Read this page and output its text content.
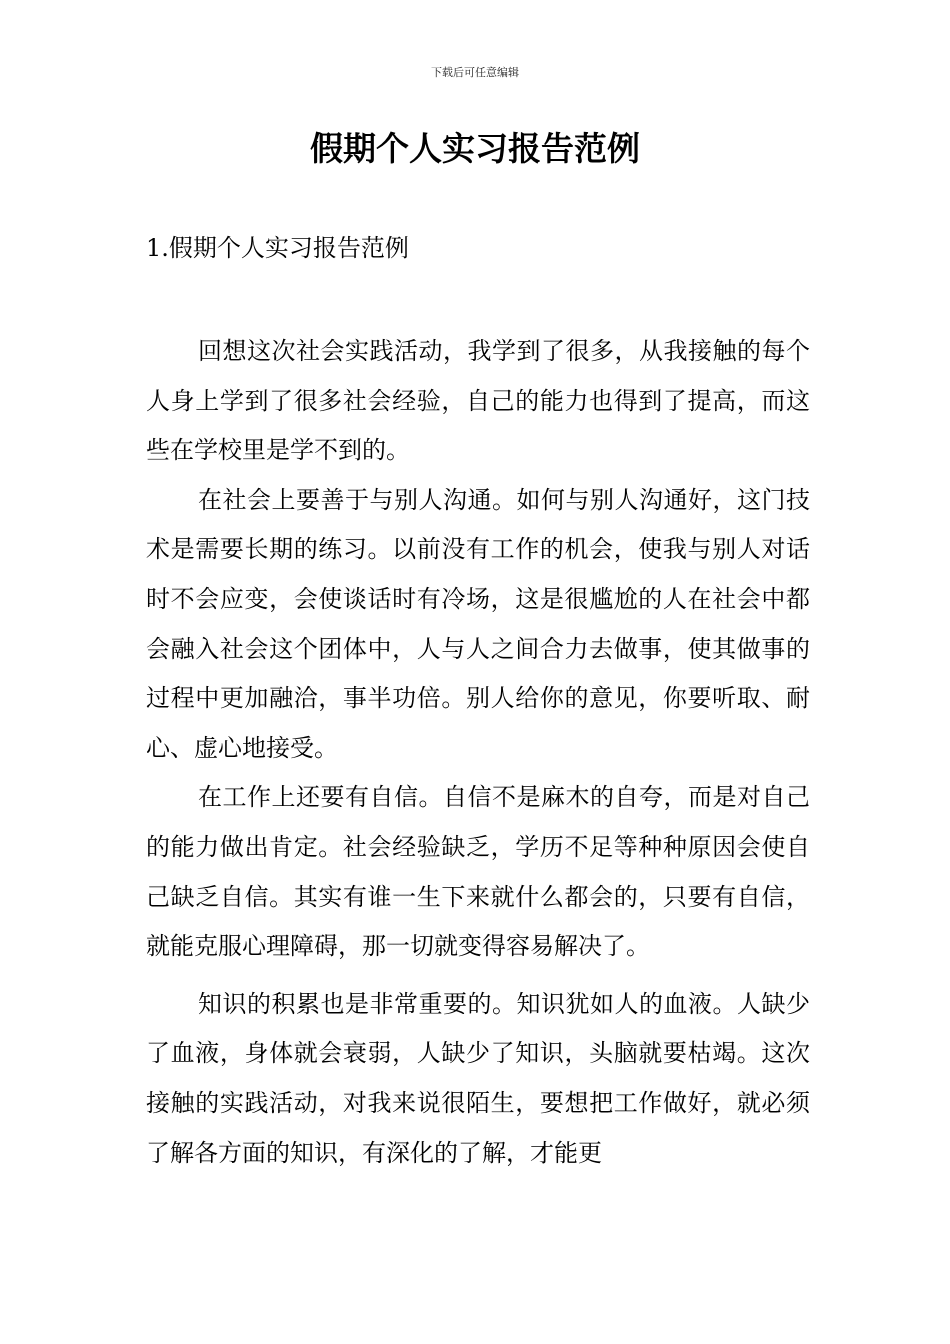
下载后可任意编辑
假期个人实习报告范例
1.假期个人实习报告范例

回想这次社会实践活动，我学到了很多，从我接触的每个人身上学到了很多社会经验，自己的能力也得到了提高，而这些在学校里是学不到的。

在社会上要善于与别人沟通。如何与别人沟通好，这门技术是需要长期的练习。以前没有工作的机会，使我与别人对话时不会应变，会使谈话时有冷场，这是很尴尬的人在社会中都会融入社会这个团体中，人与人之间合力去做事，使其做事的过程中更加融洽，事半功倍。别人给你的意见，你要听取、耐心、虚心地接受。

在工作上还要有自信。自信不是麻木的自夸，而是对自己的能力做出肯定。社会经验缺乏，学历不足等种种原因会使自己缺乏自信。其实有谁一生下来就什么都会的，只要有自信，就能克服心理障碍，那一切就变得容易解决了。

知识的积累也是非常重要的。知识犹如人的血液。人缺少了血液，身体就会衰弱，人缺少了知识，头脑就要枯竭。这次接触的实践活动，对我来说很陌生，要想把工作做好，就必须了解各方面的知识，有深化的了解，才能更
